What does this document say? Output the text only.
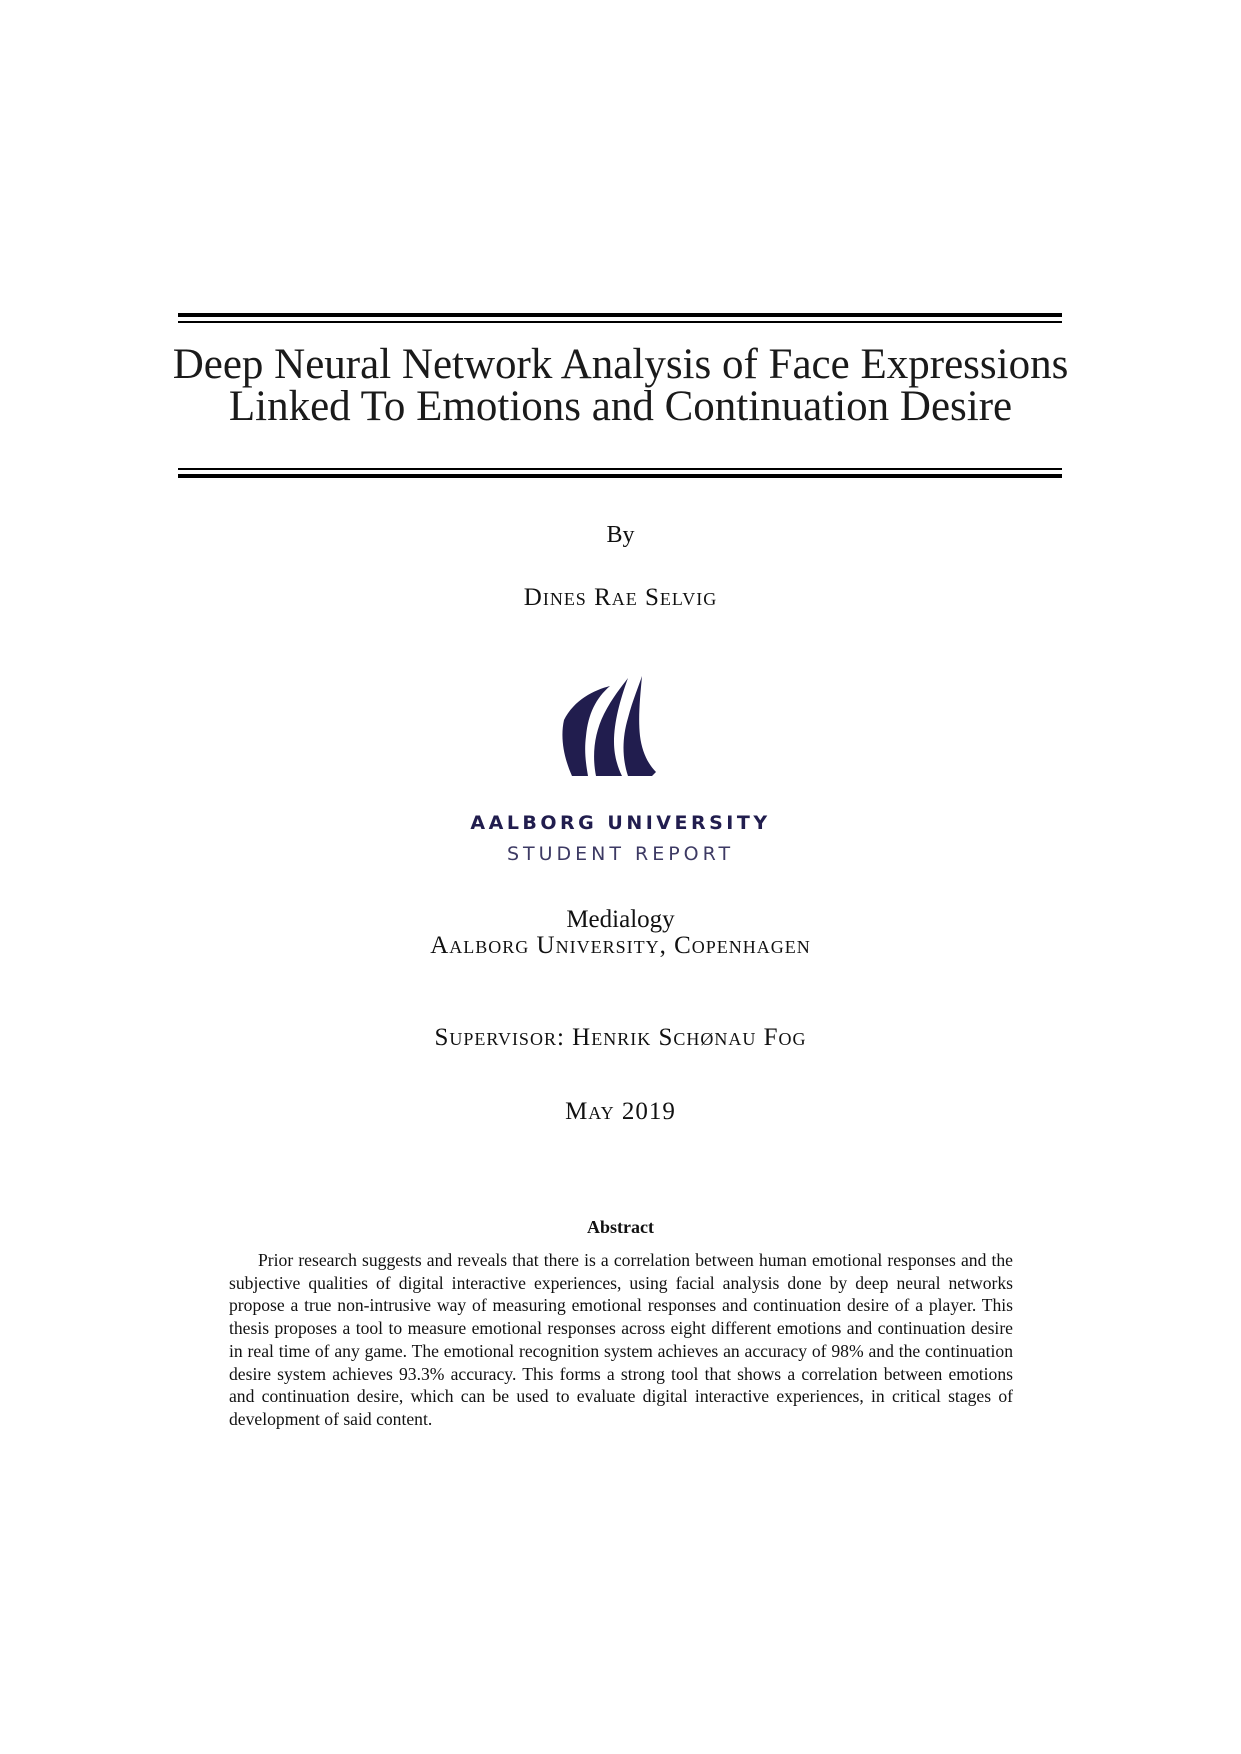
Deep Neural Network Analysis of Face Expressions
Linked To Emotions and Continuation Desire
By
Dines Rae Selvig
AALBORG UNIVERSITY
STUDENT REPORT
Medialogy
Aalborg University, Copenhagen
Supervisor: Henrik Schønau Fog
May 2019
Abstract

Prior research suggests and reveals that there is a correlation between human emotional responses and the subjective qualities of digital interactive experiences, using facial analysis done by deep neural networks propose a true non-intrusive way of measuring emotional responses and continuation desire of a player. This thesis proposes a tool to measure emotional responses across eight different emotions and continuation desire in real time of any game. The emotional recognition system achieves an accuracy of 98% and the continuation desire system achieves 93.3% accuracy. This forms a strong tool that shows a correlation between emotions and continuation desire, which can be used to evaluate digital interactive experiences, in critical stages of development of said content.
